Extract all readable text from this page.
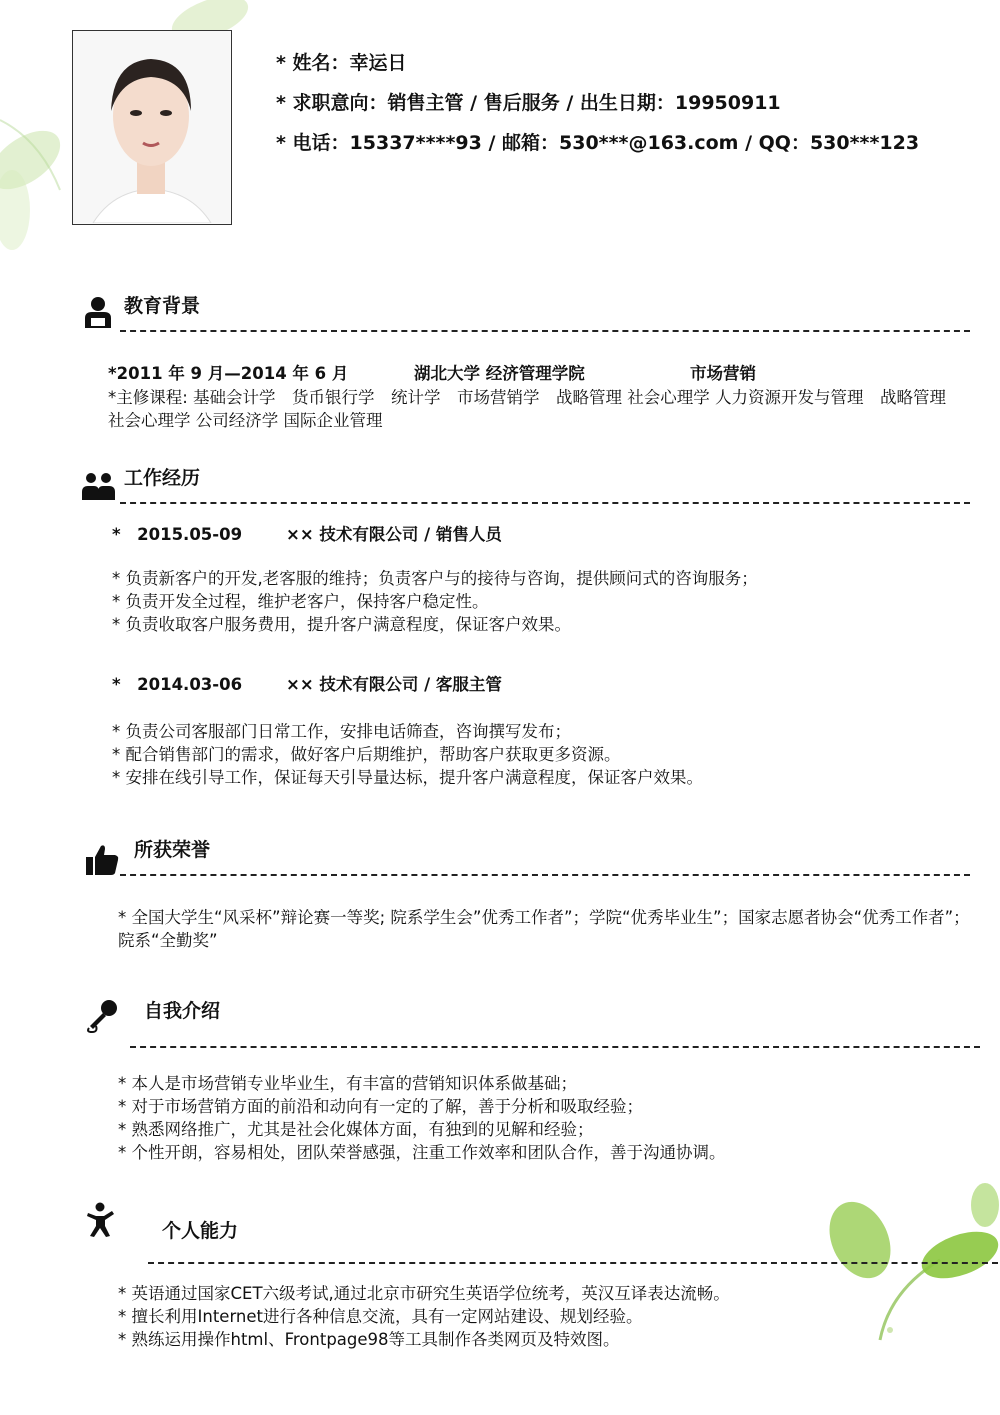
* 姓名：幸运日
* 求职意向：销售主管 / 售后服务 / 出生日期：19950911
* 电话：15337****93 / 邮箱：530***@163.com / QQ：530***123
教育背景
*2011 年 9 月—2014 年 6 月	湖北大学 经济管理学院	市场营销
*主修课程: 基础会计学　货币银行学　统计学　市场营销学　战略管理 社会心理学 人力资源开发与管理　战略管理　社会心理学 公司经济学 国际企业管理
工作经历
*　2015.05-09	×× 技术有限公司 / 销售人员
* 负责新客户的开发,老客服的维持；负责客户与的接待与咨询，提供顾问式的咨询服务；
* 负责开发全过程，维护老客户，保持客户稳定性。
* 负责收取客户服务费用，提升客户满意程度，保证客户效果。
*　2014.03-06	×× 技术有限公司 / 客服主管
* 负责公司客服部门日常工作，安排电话筛查，咨询撰写发布；
* 配合销售部门的需求，做好客户后期维护，帮助客户获取更多资源。
* 安排在线引导工作，保证每天引导量达标，提升客户满意程度，保证客户效果。
所获荣誉
* 全国大学生“风采杯”辩论赛一等奖; 院系学生会”优秀工作者”；学院“优秀毕业生”；国家志愿者协会“优秀工作者”； 院系“全勤奖”
自我介绍
* 本人是市场营销专业毕业生，有丰富的营销知识体系做基础；
* 对于市场营销方面的前沿和动向有一定的了解，善于分析和吸取经验；
* 熟悉网络推广，尤其是社会化媒体方面，有独到的见解和经验；
* 个性开朗，容易相处，团队荣誉感强，注重工作效率和团队合作，善于沟通协调。
个人能力
* 英语通过国家CET六级考试,通过北京市研究生英语学位统考，英汉互译表达流畅。
* 擅长利用Internet进行各种信息交流，具有一定网站建设、规划经验。
* 熟练运用操作html、Frontpage98等工具制作各类网页及特效图。
